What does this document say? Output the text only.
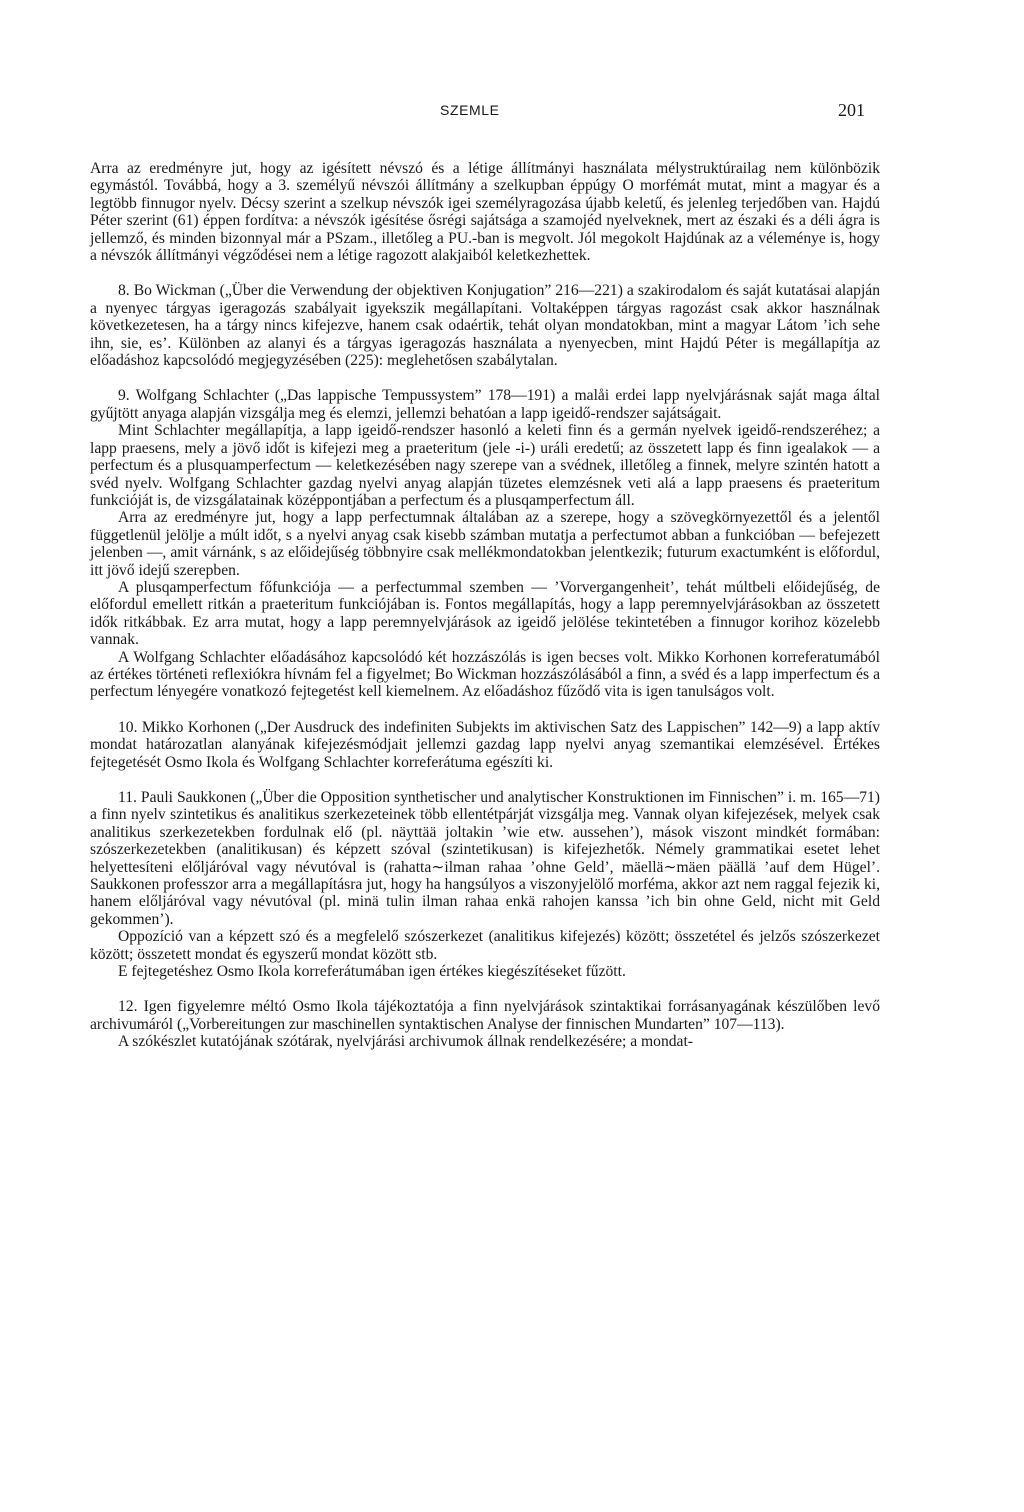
SZEMLE	201

Arra az eredményre jut, hogy az igésített névszó és a létige állítmányi használata mélystruktúrailag nem különbözik egymástól. Továbbá, hogy a 3. személyű névszói állítmány a szelkupban éppúgy O morfémát mutat, mint a magyar és a legtöbb finnugor nyelv. Décsy szerint a szelkup névszók igei személyragozása újabb keletű, és jelenleg terjedőben van. Hajdú Péter szerint (61) éppen fordítva: a névszók igésítése ősrégi sajátsága a szamojéd nyelveknek, mert az északi és a déli ágra is jellemző, és minden bizonnyal már a PSzam., illetőleg a PU.-ban is megvolt. Jól megokolt Hajdúnak az a véleménye is, hogy a névszók állítmányi végződései nem a létige ragozott alakjaiból keletkezhettek.

8. Bo Wickman („Über die Verwendung der objektiven Konjugation” 216—221) a szakirodalom és saját kutatásai alapján a nyenyec tárgyas igeragozás szabályait igyekszik megállapítani. Voltaképpen tárgyas ragozást csak akkor használnak következetesen, ha a tárgy nincs kifejezve, hanem csak odaértik, tehát olyan mondatokban, mint a magyar Látom ’ich sehe ihn, sie, es’. Különben az alanyi és a tárgyas igeragozás használata a nyenyecben, mint Hajdú Péter is megállapítja az előadáshoz kapcsolódó megjegyzésében (225): meglehetősen szabálytalan.

9. Wolfgang Schlachter („Das lappische Tempussystem” 178—191) a malåi erdei lapp nyelvjárásnak saját maga által gyűjtött anyaga alapján vizsgálja meg és elemzi, jellemzi behatóan a lapp igeidő-rendszer sajátságait.

Mint Schlachter megállapítja, a lapp igeidő-rendszer hasonló a keleti finn és a germán nyelvek igeidő-rendszeréhez; a lapp praesens, mely a jövő időt is kifejezi meg a praeteritum (jele -i-) uráli eredetű; az összetett lapp és finn igealakok — a perfectum és a plusquamperfectum — keletkezésében nagy szerepe van a svédnek, illetőleg a finnek, melyre szintén hatott a svéd nyelv. Wolfgang Schlachter gazdag nyelvi anyag alapján tüzetes elemzésnek veti alá a lapp praesens és praeteritum funkcióját is, de vizsgálatainak középpontjában a perfectum és a plusqamperfectum áll.

Arra az eredményre jut, hogy a lapp perfectumnak általában az a szerepe, hogy a szövegkörnyezettől és a jelentől függetlenül jelölje a múlt időt, s a nyelvi anyag csak kisebb számban mutatja a perfectumot abban a funkcióban — befejezett jelenben —, amit várnánk, s az előidejűség többnyire csak mellékmondatokban jelentkezik; futurum exactumként is előfordul, itt jövő idejű szerepben.

A plusqamperfectum főfunkciója — a perfectummal szemben — ’Vorvergangenheit’, tehát múltbeli előidejűség, de előfordul emellett ritkán a praeteritum funkciójában is. Fontos megállapítás, hogy a lapp peremnyelvjárásokban az összetett idők ritkábbak. Ez arra mutat, hogy a lapp peremnyelvjárások az igeidő jelölése tekintetében a finnugor korihoz közelebb vannak.

A Wolfgang Schlachter előadásához kapcsolódó két hozzászólás is igen becses volt. Mikko Korhonen korreferatumából az értékes történeti reflexiókra hívnám fel a figyelmet; Bo Wickman hozzászólásából a finn, a svéd és a lapp imperfectum és a perfectum lényegére vonatkozó fejtegetést kell kiemelnem. Az előadáshoz fűződő vita is igen tanulságos volt.

10. Mikko Korhonen („Der Ausdruck des indefiniten Subjekts im aktivischen Satz des Lappischen” 142—9) a lapp aktív mondat határozatlan alanyának kifejezésmódjait jellemzi gazdag lapp nyelvi anyag szemantikai elemzésével. Értékes fejtegetését Osmo Ikola és Wolfgang Schlachter korreferátuma egészíti ki.

11. Pauli Saukkonen („Über die Opposition synthetischer und analytischer Konstruktionen im Finnischen” i. m. 165—71) a finn nyelv szintetikus és analitikus szerkezeteinek több ellentétpárját vizsgálja meg. Vannak olyan kifejezések, melyek csak analitikus szerkezetekben fordulnak elő (pl. näyttää joltakin ’wie etw. aussehen’), mások viszont mindkét formában: szószerkezetekben (analitikusan) és képzett szóval (szintetikusan) is kifejezhetők. Némely grammatikai esetet lehet helyettesíteni előljáróval vagy névutóval is (rahatta∼ilman rahaa ’ohne Geld’, mäellä∼mäen päällä ’auf dem Hügel’. Saukkonen professzor arra a megállapításra jut, hogy ha hangsúlyos a viszonyjelölő morféma, akkor azt nem raggal fejezik ki, hanem előljáróval vagy névutóval (pl. minä tulin ilman rahaa enkä rahojen kanssa ’ich bin ohne Geld, nicht mit Geld gekommen’).

Oppozíció van a képzett szó és a megfelelő szószerkezet (analitikus kifejezés) között; összetétel és jelzős szószerkezet között; összetett mondat és egyszerű mondat között stb.

E fejtegetéshez Osmo Ikola korreferátumában igen értékes kiegészítéseket fűzött.

12. Igen figyelemre méltó Osmo Ikola tájékoztatója a finn nyelvjárások szintaktikai forrásanyagának készülőben levő archivumáról („Vorbereitungen zur maschinellen syntaktischen Analyse der finnischen Mundarten” 107—113).

A szókészlet kutatójának szótárak, nyelvjárási archivumok állnak rendelkezésére; a mondat-
